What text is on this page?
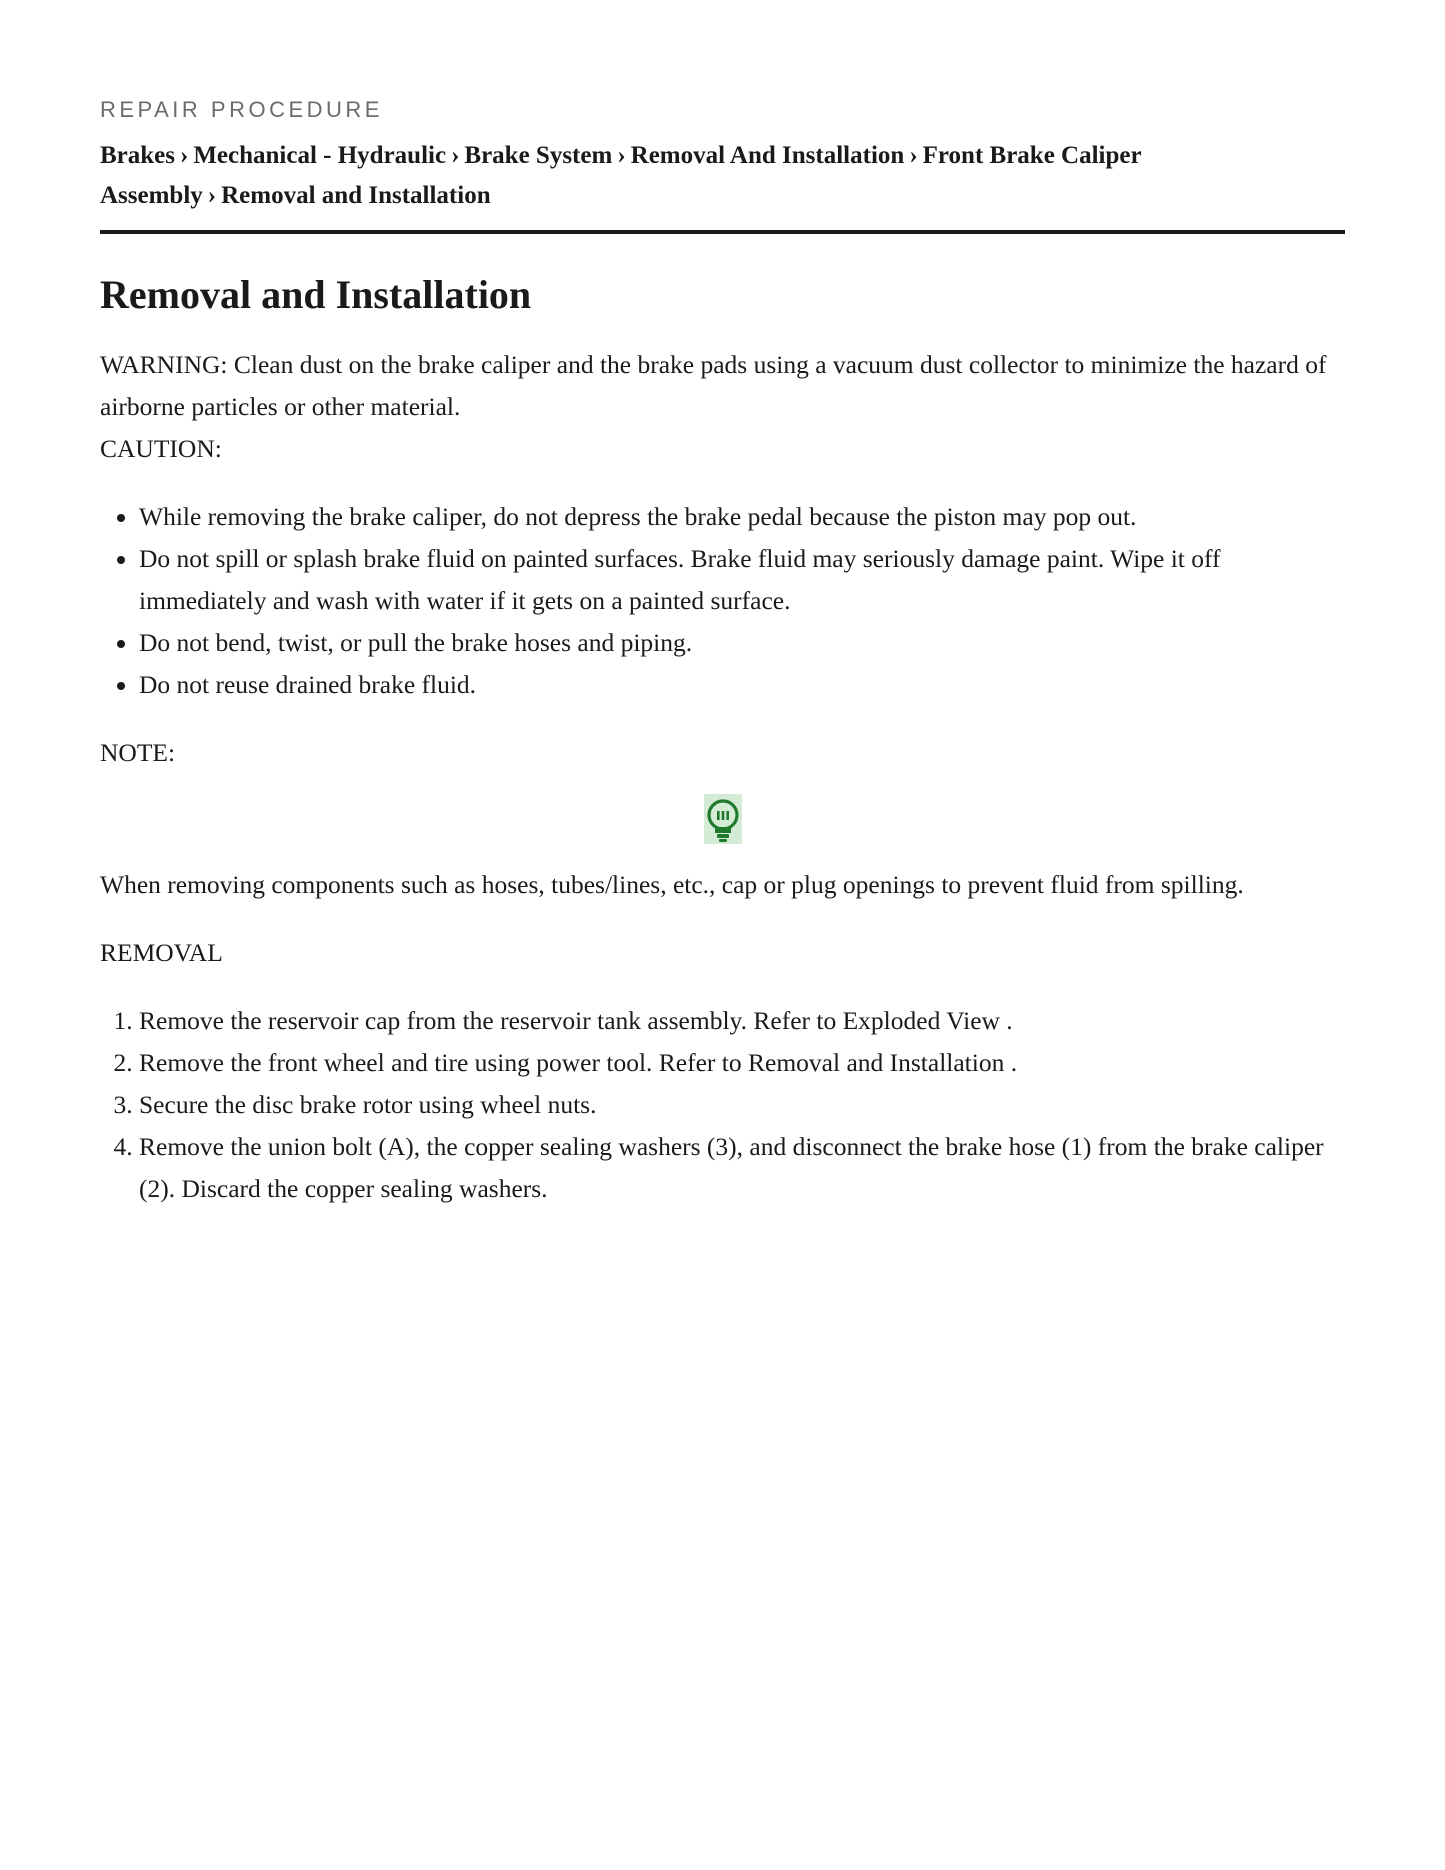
REPAIR PROCEDURE
Brakes › Mechanical - Hydraulic › Brake System › Removal And Installation › Front Brake Caliper Assembly › Removal and Installation
Removal and Installation
WARNING: Clean dust on the brake caliper and the brake pads using a vacuum dust collector to minimize the hazard of airborne particles or other material.
CAUTION:
• While removing the brake caliper, do not depress the brake pedal because the piston may pop out.
• Do not spill or splash brake fluid on painted surfaces. Brake fluid may seriously damage paint. Wipe it off immediately and wash with water if it gets on a painted surface.
• Do not bend, twist, or pull the brake hoses and piping.
• Do not reuse drained brake fluid.
NOTE:
When removing components such as hoses, tubes/lines, etc., cap or plug openings to prevent fluid from spilling.
REMOVAL
1. Remove the reservoir cap from the reservoir tank assembly. Refer to Exploded View .
2. Remove the front wheel and tire using power tool. Refer to Removal and Installation .
3. Secure the disc brake rotor using wheel nuts.
4. Remove the union bolt (A), the copper sealing washers (3), and disconnect the brake hose (1) from the brake caliper (2). Discard the copper sealing washers.
